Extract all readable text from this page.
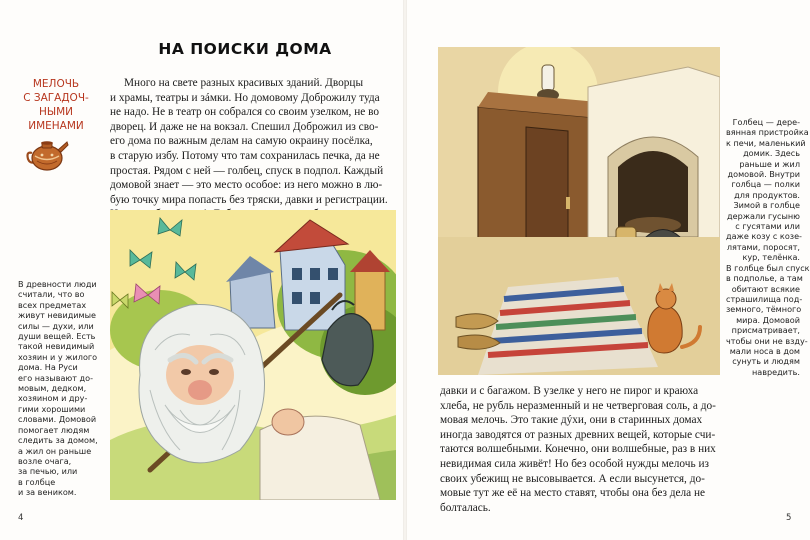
НА ПОИСКИ ДОМА
МЕЛОЧЬ
С ЗАГАДОЧ-
НЫМИ
ИМЕНАМИ
Много на свете разных красивых зданий. Дворцы
и храмы, театры и зáмки. Но домовому Доброжилу туда
не надо. Не в театр он собрался со своим узелком, не во
дворец. И даже не на вокзал. Спешил Доброжил из сво-
его дома по важным делам на самую окраину посёлка,
в старую избу. Потому что там сохранилась печка, да не
простая. Рядом с ней — голбец, спуск в подпол. Каждый
домовой знает — это место особое: из него можно в лю-
бую точку мира попасть без тряски, давки и регистрации.
В древности люди
считали, что во
всех предметах
живут невидимые
силы — духи, или
души вещей. Есть
такой невидимый
хозяин и у жилого
дома. На Руси
его называют до-
мовым, дедком,
хозяином и дру-
гими хорошими
словами. Домовой
помогает людям
следить за домом,
а жил он раньше
возле очага,
за печью, или
в голбце
и за веником.
Голбец — дере-
вянная пристройка
к печи, маленький
домик. Здесь
раньше и жил
домовой. Внутри
голбца — полки
для продуктов.
Зимой в голбце
держали гусыню
с гусятами или
даже козу с козе-
лятами, поросят,
кур, телёнка.
В голбце был спуск
в подполье, а там
обитают всякие
страшилища под-
земного, тёмного
мира. Домовой
присматривает,
чтобы они не взду-
мали носа в дом
сунуть и людям
навредить.
давки и с багажом. В узелке у него не пирог и краюха
хлеба, не рубль неразменный и не четверговая соль, а до-
мовая мелочь. Это такие дýхи, они в старинных домах
иногда заводятся от разных древних вещей, которые счи-
таются волшебными. Конечно, они волшебные, раз в них
невидимая сила живёт! Но без особой нужды мелочь из
своих убежищ не высовывается. А если высунется, до-
мовые тут же её на место ставят, чтобы она без дела не
болталась.
4	5
